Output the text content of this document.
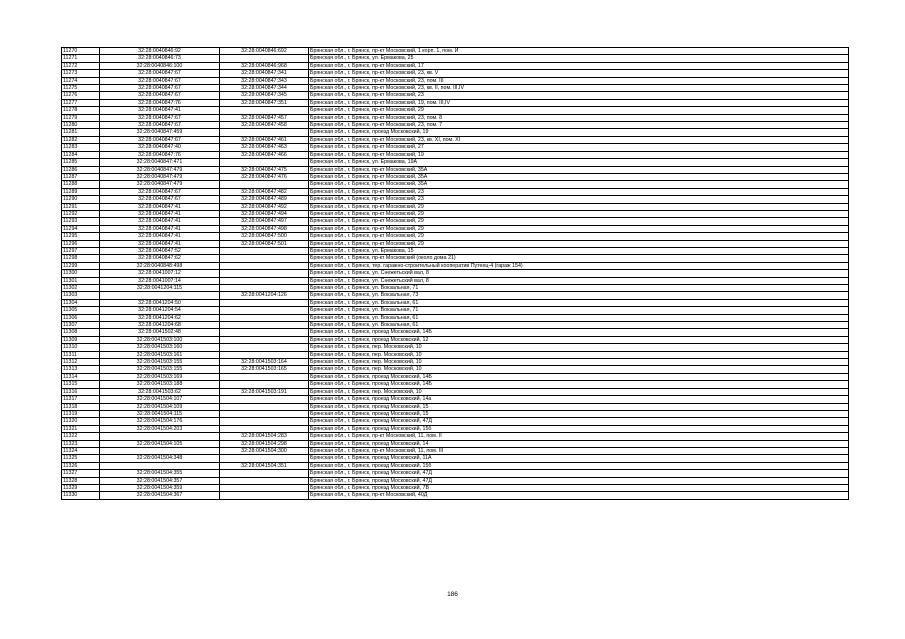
11270	32:28:0040846:92	32:28:0040846:692	Брянская обл., г. Брянск, пр-кт Московский, 1 корп. 1, пом. И
11271	32:28:0040846:73		Брянская обл., г. Брянск, ул. Ермакова, 25
11272	32:28:0040846:100	32:28:0040846:968	Брянская обл., г. Брянск, пр-кт Московский, 17
11273	32:28:0040847:67	32:28:0040847:341	Брянская обл., г. Брянск, пр-кт Московский, 23, кв. V
11274	32:28:0040847:67	32:28:0040847:343	Брянская обл., г. Брянск, пр-кт Московский, 23, пом. III
11275	32:28:0040847:67	32:28:0040847:344	Брянская обл., г. Брянск, пр-кт Московский, 23, кв. II, пом. III,IV
11276	32:28:0040847:67	32:28:0040847:345	Брянская обл., г. Брянск, пр-кт Московский, 23
11277	32:28:0040847:76	32:28:0040847:351	Брянская обл., г. Брянск, пр-кт Московский, 19, пом. III,IV
11278	32:28:0040847:41		Брянская обл., г. Брянск, пр-кт Московский, 29
11279	32:28:0040847:67	32:28:0040847:457	Брянская обл., г. Брянск, пр-кт Московский, 23, пом. 8
11280	32:28:0040847:67	32:28:0040847:458	Брянская обл., г. Брянск, пр-кт Московский, 23, пом. 7
11281	32:28:0040847:459		Брянская обл., г. Брянск, проезд Московский, 19
11282	32:28:0040847:67	32:28:0040847:461	Брянская обл., г. Брянск, пр-кт Московский, 23, кв. XI, пом. XI
11283	32:28:0040847:40	32:28:0040847:463	Брянская обл., г. Брянск, пр-кт Московский, 27
11284	32:28:0040847:76	32:28:0040847:466	Брянская обл., г. Брянск, пр-кт Московский, 19
11285	32:28:0040847:471		Брянская обл., г. Брянск, ул. Ермакова, 19А
11286	32:28:0040847:479	32:28:0040847:475	Брянская обл., г. Брянск, пр-кт Московский, 35А
11287	32:28:0040847:479	32:28:0040847:476	Брянская обл., г. Брянск, пр-кт Московский, 35А
11288	32:28:0040847:479		Брянская обл., г. Брянск, пр-кт Московский, 35А
11289	32:28:0040847:67	32:28:0040847:482	Брянская обл., г. Брянск, пр-кт Московский, 23
11290	32:28:0040847:67	32:28:0040847:489	Брянская обл., г. Брянск, пр-кт Московский, 23
11291	32:28:0040847:41	32:28:0040847:492	Брянская обл., г. Брянск, пр-кт Московский, 29
11292	32:28:0040847:41	32:28:0040847:494	Брянская обл., г. Брянск, пр-кт Московский, 29
11293	32:28:0040847:41	32:28:0040847:497	Брянская обл., г. Брянск, пр-кт Московский, 29
11294	32:28:0040847:41	32:28:0040847:498	Брянская обл., г. Брянск, пр-кт Московский, 29
11295	32:28:0040847:41	32:28:0040847:500	Брянская обл., г. Брянск, пр-кт Московский, 29
11296	32:28:0040847:41	32:28:0040847:501	Брянская обл., г. Брянск, пр-кт Московский, 29
11297	32:28:0040847:52		Брянская обл., г. Брянск, ул. Ермакова, 15
11298	32:28:0040847:62		Брянская обл., г. Брянск, пр-кт Московский (около дома 21)
11299	32:28:0040848:498		Брянская обл., г. Брянск, тер. гаражно-строительный кооператив Путеец-4 (гараж 154)
11300	32:28:0041007:12		Брянская обл., г. Брянск, ул. Снежетьский вал, 8
11301	32:28:0041007:14		Брянская обл., г. Брянск, ул. Снежетьский вал, 8
11302	32:28:0041204:115		Брянская обл., г. Брянск, ул. Вокзальная, 71
11303		32:28:0041204:126	Брянская обл., г. Брянск, ул. Вокзальная, 73
11304	32:28:0041204:50		Брянская обл., г. Брянск, ул. Вокзальная, 61
11305	32:28:0041204:54		Брянская обл., г. Брянск, ул. Вокзальная, 71
11306	32:28:0041204:62		Брянская обл., г. Брянск, ул. Вокзальная, 61
11307	32:28:0041204:68		Брянская обл., г. Брянск, ул. Вокзальная, 61
11308	32:28:0041502:48		Брянская обл., г. Брянск, проезд Московский, 14Б
11309	32:28:0041503:100		Брянская обл., г. Брянск, проезд Московский, 12
11310	32:28:0041503:160		Брянская обл., г. Брянск, пер. Московский, 10
11311	32:28:0041503:161		Брянская обл., г. Брянск, пер. Московский, 10
11312	32:28:0041503:155	32:28:0041503:164	Брянская обл., г. Брянск, пер. Московский, 10
11313	32:28:0041503:155	32:28:0041503:165	Брянская обл., г. Брянск, пер. Московский, 10
11314	32:28:0041503:169		Брянская обл., г. Брянск, проезд Московский, 14Б
11315	32:28:0041503:188		Брянская обл., г. Брянск, проезд Московский, 14Б
11316	32:28:0041503:62	32:28:0041503:191	Брянская обл., г. Брянск, пер. Московский, 10
11317	32:28:0041504:107		Брянская обл., г. Брянск, проезд Московский, 14а
11318	32:28:0041504:109		Брянская обл., г. Брянск, проезд Московский, 15
11319	32:28:0041504:115		Брянская обл., г. Брянск, проезд Московский, 15
11320	32:28:0041504:176		Брянская обл., г. Брянск, проезд Московский, 47Д
11321	32:28:0041504:203		Брянская обл., г. Брянск, проезд Московский, 15б
11322		32:28:0041504:283	Брянская обл., г. Брянск, пр-кт Московский, 11, пом. II
11323	32:28:0041504:105	32:28:0041504:298	Брянская обл., г. Брянск, проезд Московский, 14
11324		32:28:0041504:300	Брянская обл., г. Брянск, пр-кт Московский, 11, пом. III
11325	32:28:0041504:348		Брянская обл., г. Брянск, проезд Московский, 11А
11326		32:28:0041504:351	Брянская обл., г. Брянск, проезд Московский, 15б
11327	32:28:0041504:355		Брянская обл., г. Брянск, проезд Московский, 47Д
11328	32:28:0041504:357		Брянская обл., г. Брянск, проезд Московский, 47Д
11329	32:28:0041504:359		Брянская обл., г. Брянск, проезд Московский, 7В
11330	32:28:0041504:367		Брянская обл., г. Брянск, пр-кт Московский, 40Д
186
